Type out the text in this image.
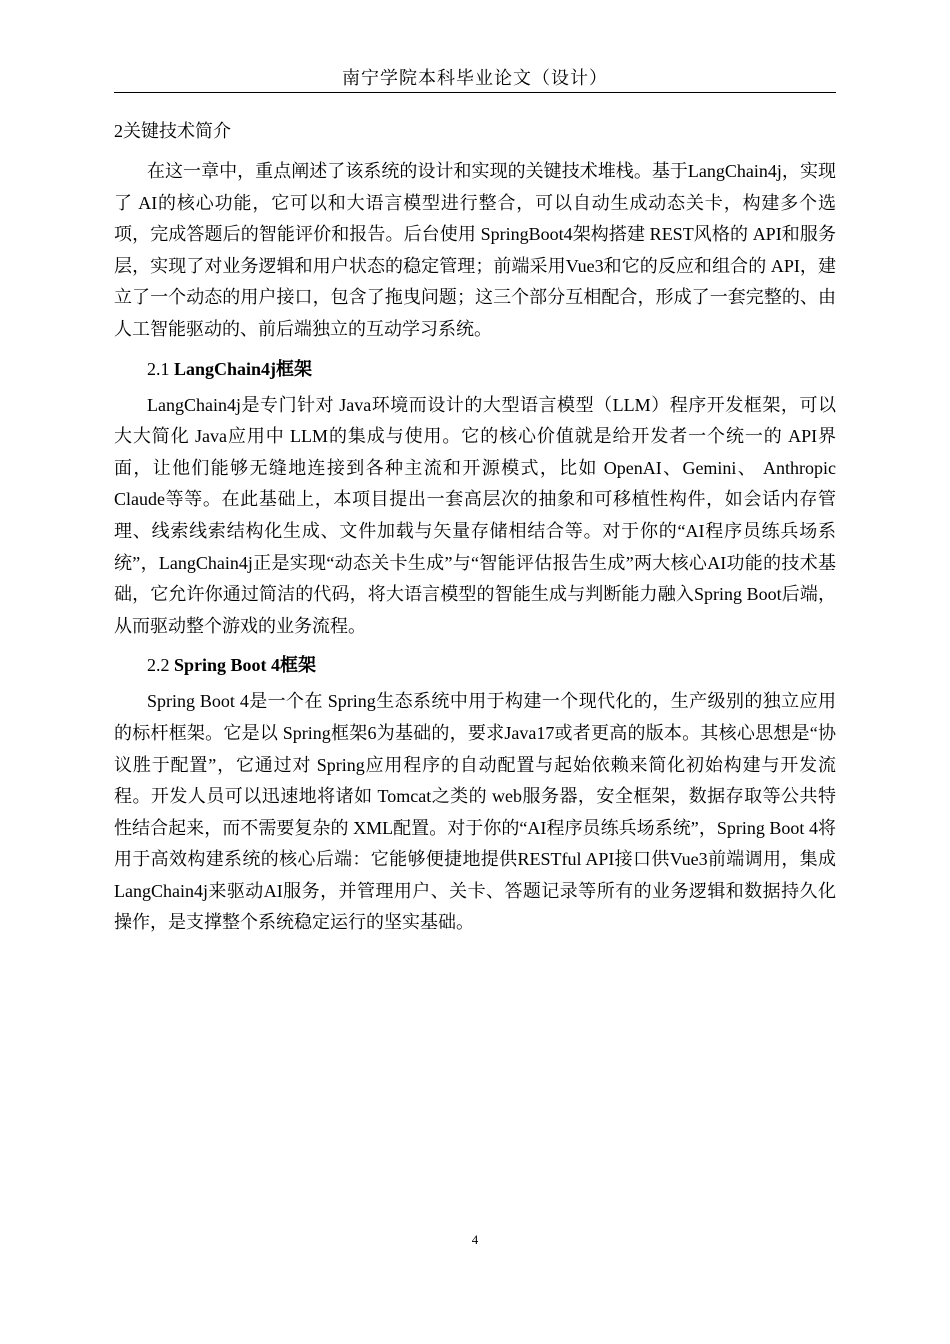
南宁学院本科毕业论文（设计）
2关键技术简介

在这一章中，重点阐述了该系统的设计和实现的关键技术堆栈。基于LangChain4j，实现了 AI的核心功能，它可以和大语言模型进行整合，可以自动生成动态关卡，构建多个选项，完成答题后的智能评价和报告。后台使用 SpringBoot4架构搭建 REST风格的 API和服务层，实现了对业务逻辑和用户状态的稳定管理；前端采用Vue3和它的反应和组合的 API，建立了一个动态的用户接口，包含了拖曳问题；这三个部分互相配合，形成了一套完整的、由人工智能驱动的、前后端独立的互动学习系统。

2.1 LangChain4j框架

LangChain4j是专门针对 Java环境而设计的大型语言模型（LLM）程序开发框架，可以大大简化 Java应用中 LLM的集成与使用。它的核心价值就是给开发者一个统一的 API界面，让他们能够无缝地连接到各种主流和开源模式，比如 OpenAI、Gemini、 Anthropic Claude等等。在此基础上，本项目提出一套高层次的抽象和可移植性构件，如会话内存管理、线索线索结构化生成、文件加载与矢量存储相结合等。对于你的“AI程序员练兵场系统”，LangChain4j正是实现“动态关卡生成”与“智能评估报告生成”两大核心AI功能的技术基础，它允许你通过简洁的代码，将大语言模型的智能生成与判断能力融入Spring Boot后端，从而驱动整个游戏的业务流程。

2.2 Spring Boot 4框架

Spring Boot 4是一个在 Spring生态系统中用于构建一个现代化的，生产级别的独立应用的标杆框架。它是以 Spring框架6为基础的，要求Java17或者更高的版本。其核心思想是“协议胜于配置”，它通过对 Spring应用程序的自动配置与起始依赖来简化初始构建与开发流程。开发人员可以迅速地将诸如 Tomcat之类的 web服务器，安全框架，数据存取等公共特性结合起来，而不需要复杂的 XML配置。对于你的“AI程序员练兵场系统”，Spring Boot 4将用于高效构建系统的核心后端：它能够便捷地提供RESTful API接口供Vue3前端调用，集成LangChain4j来驱动AI服务，并管理用户、关卡、答题记录等所有的业务逻辑和数据持久化操作，是支撑整个系统稳定运行的坚实基础。

4
